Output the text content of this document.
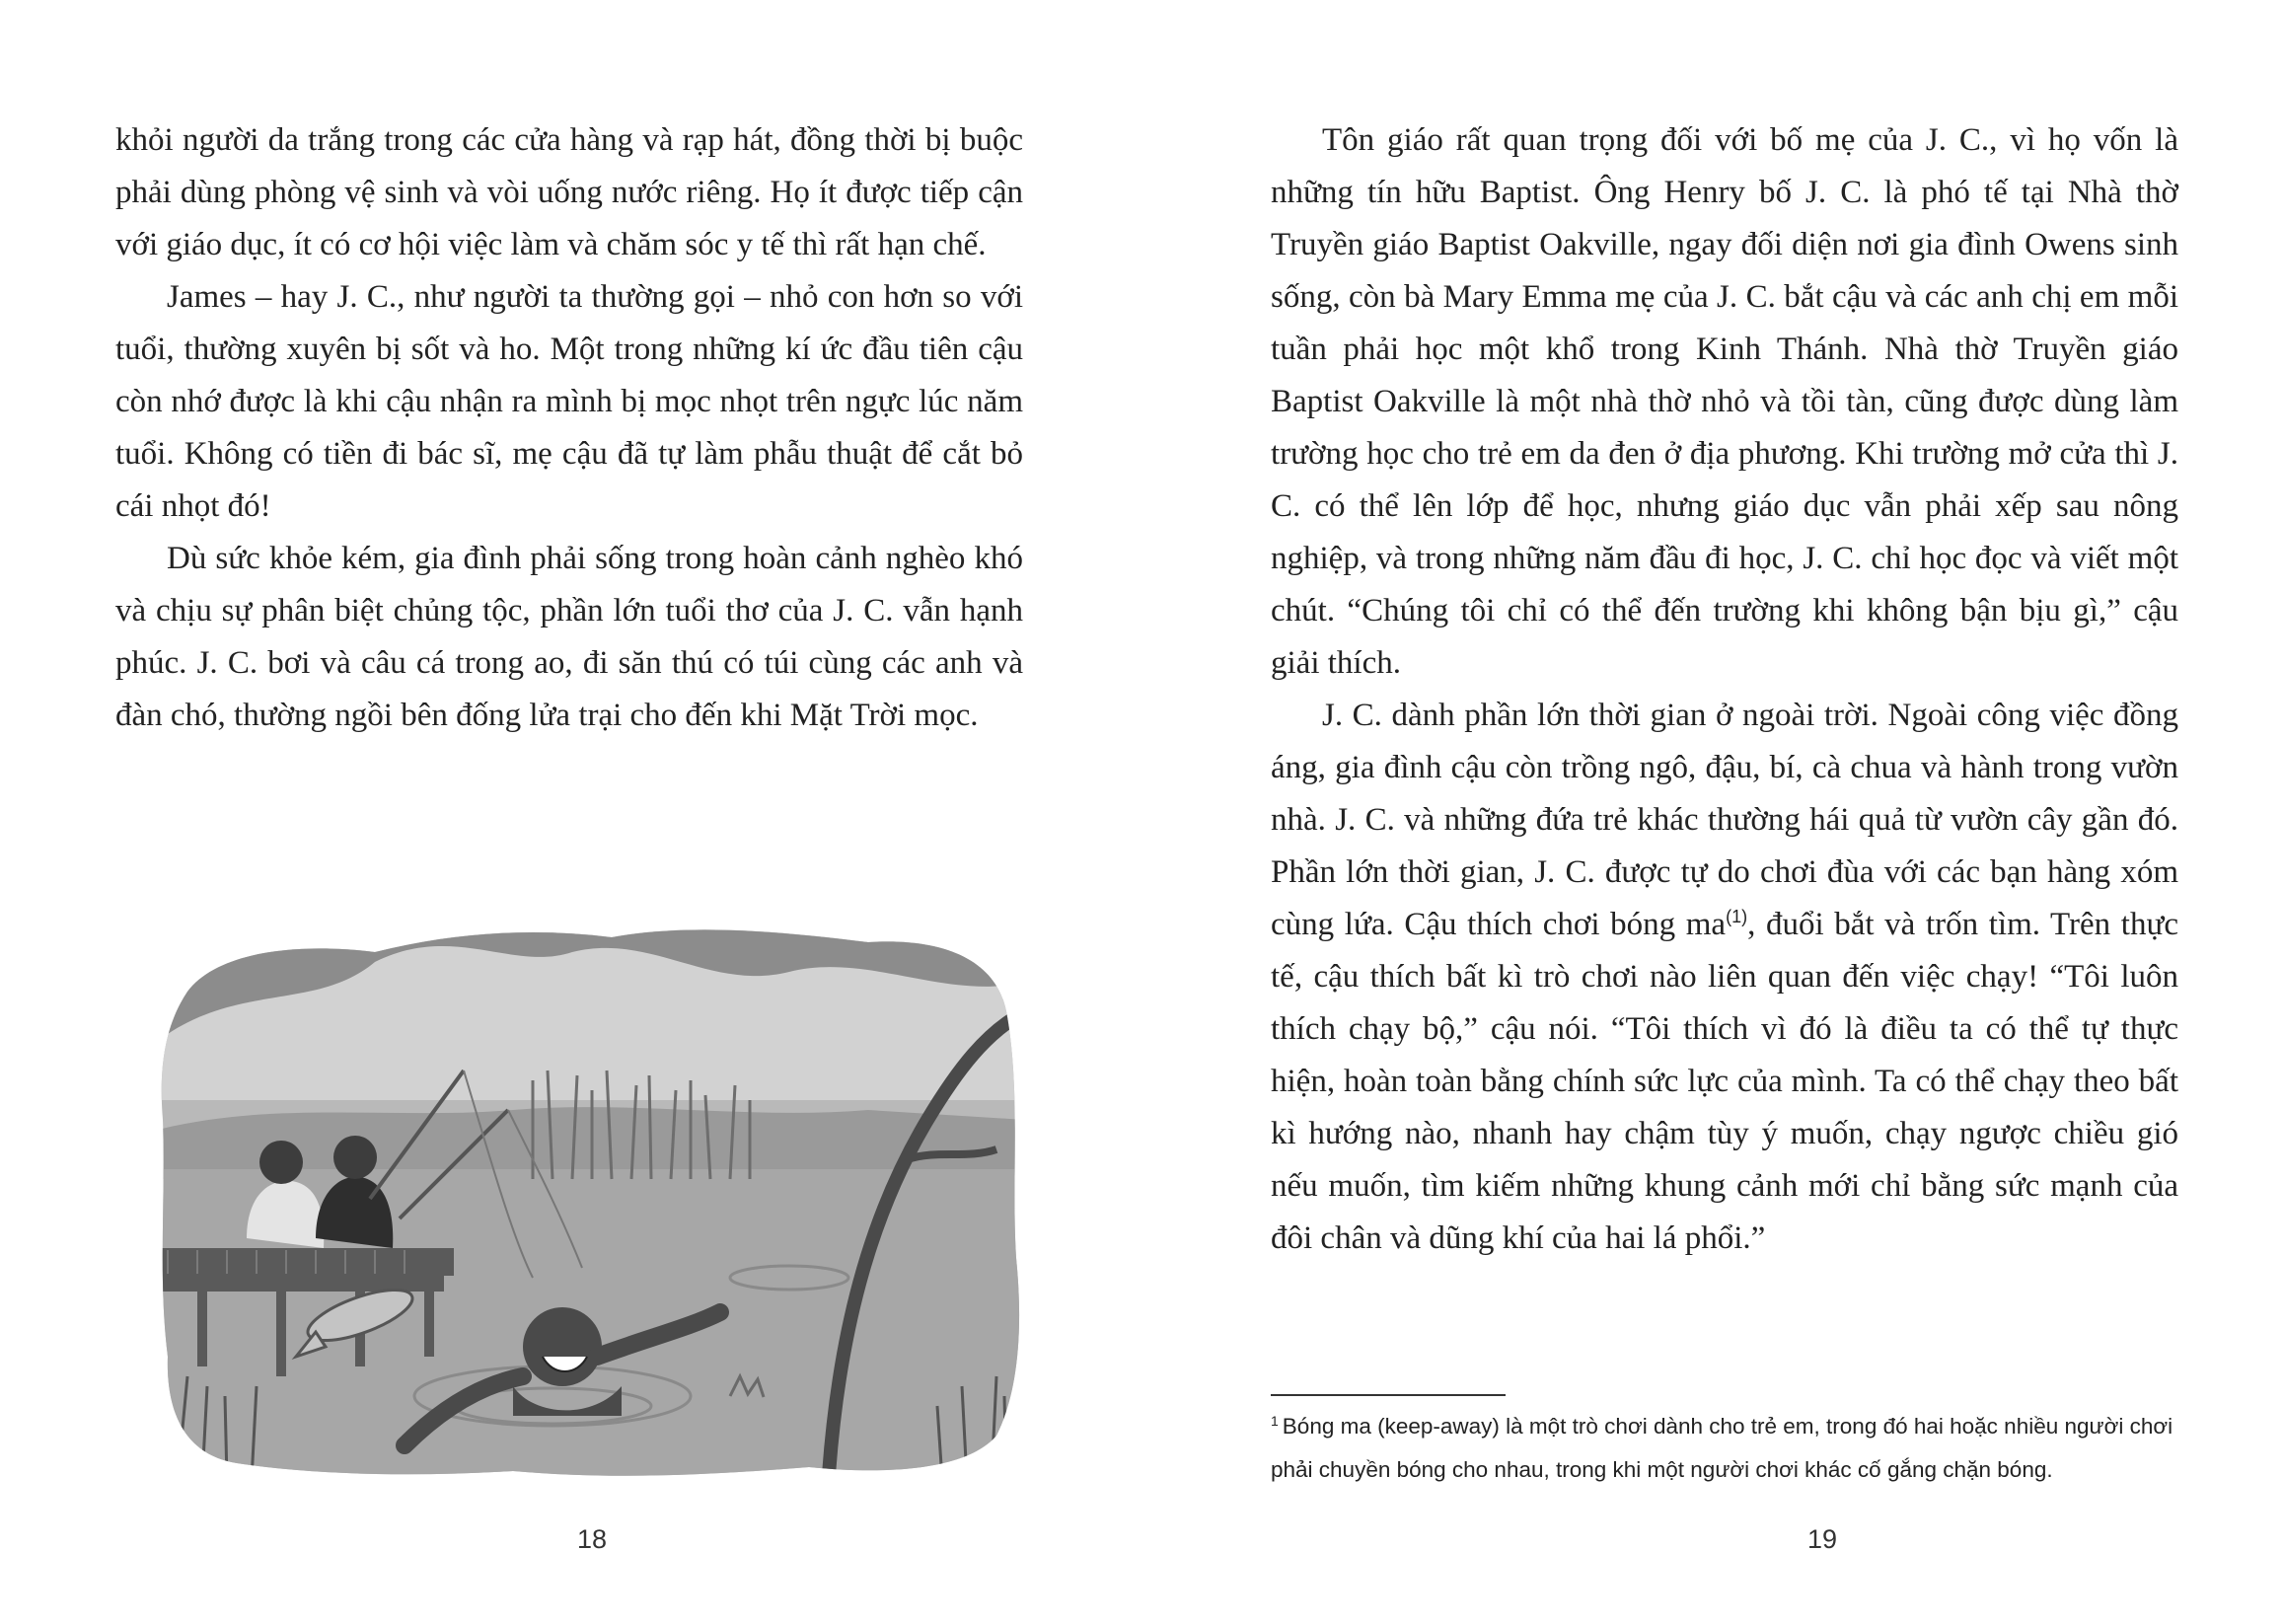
khỏi người da trắng trong các cửa hàng và rạp hát, đồng thời bị buộc phải dùng phòng vệ sinh và vòi uống nước riêng. Họ ít được tiếp cận với giáo dục, ít có cơ hội việc làm và chăm sóc y tế thì rất hạn chế.

James – hay J. C., như người ta thường gọi – nhỏ con hơn so với tuổi, thường xuyên bị sốt và ho. Một trong những kí ức đầu tiên cậu còn nhớ được là khi cậu nhận ra mình bị mọc nhọt trên ngực lúc năm tuổi. Không có tiền đi bác sĩ, mẹ cậu đã tự làm phẫu thuật để cắt bỏ cái nhọt đó!

Dù sức khỏe kém, gia đình phải sống trong hoàn cảnh nghèo khó và chịu sự phân biệt chủng tộc, phần lớn tuổi thơ của J. C. vẫn hạnh phúc. J. C. bơi và câu cá trong ao, đi săn thú có túi cùng các anh và đàn chó, thường ngồi bên đống lửa trại cho đến khi Mặt Trời mọc.

18

Tôn giáo rất quan trọng đối với bố mẹ của J. C., vì họ vốn là những tín hữu Baptist. Ông Henry bố J. C. là phó tế tại Nhà thờ Truyền giáo Baptist Oakville, ngay đối diện nơi gia đình Owens sinh sống, còn bà Mary Emma mẹ của J. C. bắt cậu và các anh chị em mỗi tuần phải học một khổ trong Kinh Thánh. Nhà thờ Truyền giáo Baptist Oakville là một nhà thờ nhỏ và tồi tàn, cũng được dùng làm trường học cho trẻ em da đen ở địa phương. Khi trường mở cửa thì J. C. có thể lên lớp để học, nhưng giáo dục vẫn phải xếp sau nông nghiệp, và trong những năm đầu đi học, J. C. chỉ học đọc và viết một chút. “Chúng tôi chỉ có thể đến trường khi không bận bịu gì,” cậu giải thích.

J. C. dành phần lớn thời gian ở ngoài trời. Ngoài công việc đồng áng, gia đình cậu còn trồng ngô, đậu, bí, cà chua và hành trong vườn nhà. J. C. và những đứa trẻ khác thường hái quả từ vườn cây gần đó. Phần lớn thời gian, J. C. được tự do chơi đùa với các bạn hàng xóm cùng lứa. Cậu thích chơi bóng ma$^{(1)}$, đuổi bắt và trốn tìm. Trên thực tế, cậu thích bất kì trò chơi nào liên quan đến việc chạy! “Tôi luôn thích chạy bộ,” cậu nói. “Tôi thích vì đó là điều ta có thể tự thực hiện, hoàn toàn bằng chính sức lực của mình. Ta có thể chạy theo bất kì hướng nào, nhanh hay chậm tùy ý muốn, chạy ngược chiều gió nếu muốn, tìm kiếm những khung cảnh mới chỉ bằng sức mạnh của đôi chân và dũng khí của hai lá phổi.”

$^1$ Bóng ma (keep-away) là một trò chơi dành cho trẻ em, trong đó hai hoặc nhiều người chơi phải chuyền bóng cho nhau, trong khi một người chơi khác cố gắng chặn bóng.
19
